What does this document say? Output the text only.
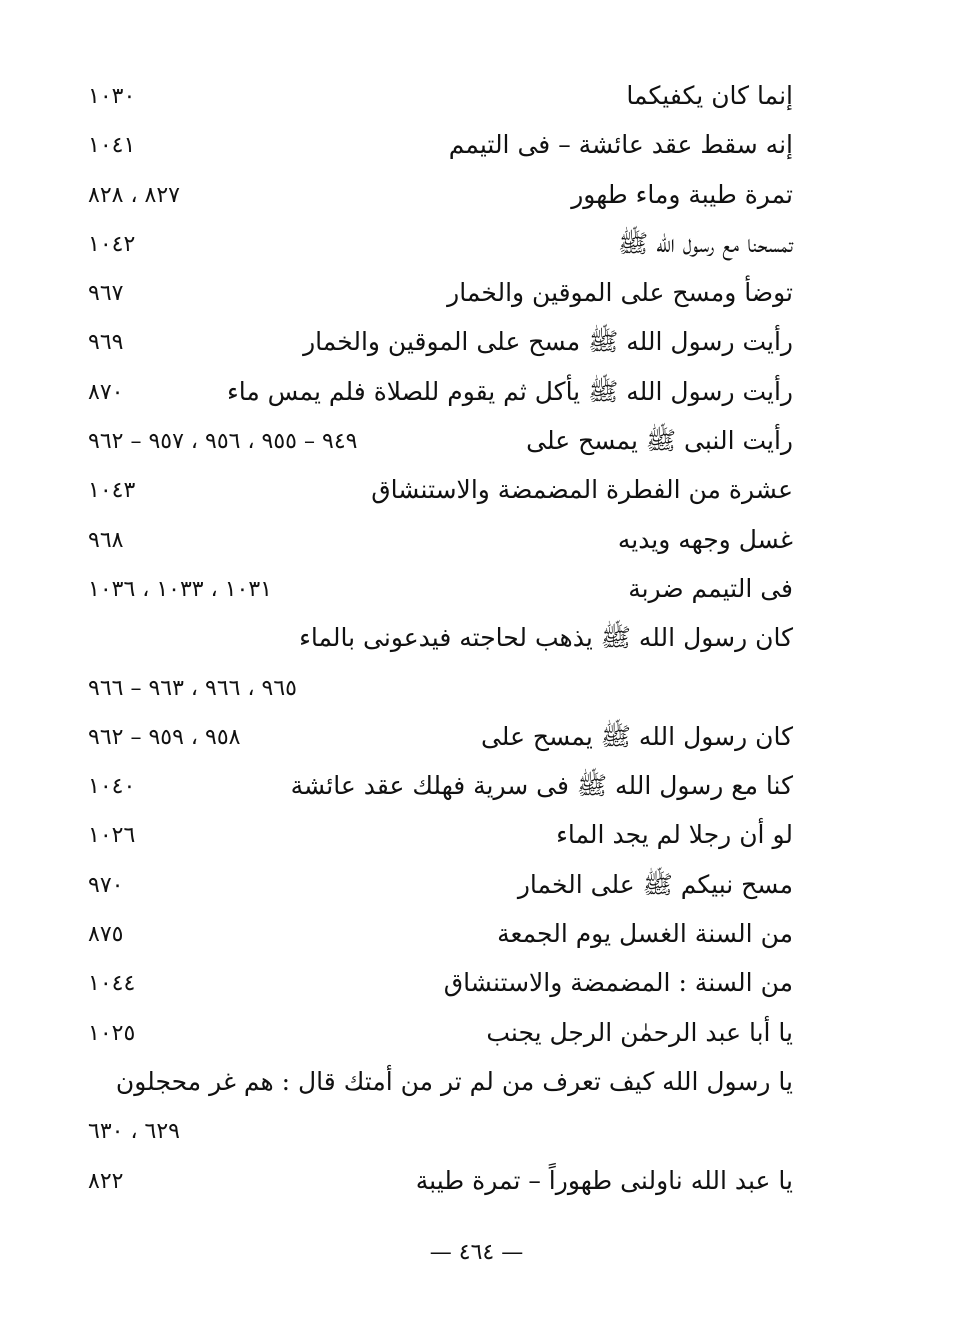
إنما كان يكفيكما
١٠٣٠
إنه سقط عقد عائشة – فى التيمم
١٠٤١
تمرة طيبة وماء طهور
٨٢٧ ، ٨٢٨
تمسحنا مع رسول الله ﷺ
١٠٤٢
توضأ ومسح على الموقين والخمار
٩٦٧
رأيت رسول الله ﷺ مسح على الموقين والخمار
٩٦٩
رأيت رسول الله ﷺ يأكل ثم يقوم للصلاة فلم يمس ماء
٨٧٠
رأيت النبى ﷺ يمسح على
٩٤٩ – ٩٥٥ ، ٩٥٦ ، ٩٥٧ – ٩٦٢
عشرة من الفطرة المضمضة والاستنشاق
١٠٤٣
غسل وجهه ويديه
٩٦٨
فى التيمم ضربة
١٠٣١ ، ١٠٣٣ ، ١٠٣٦
كان رسول الله ﷺ يذهب لحاجته فيدعونى بالماء
٩٦٥ ، ٩٦٦ ، ٩٦٣ – ٩٦٦
كان رسول الله ﷺ يمسح على
٩٥٨ ، ٩٥٩ – ٩٦٢
كنا مع رسول الله ﷺ فى سرية فهلك عقد عائشة
١٠٤٠
لو أن رجلا لم يجد الماء
١٠٢٦
مسح نبيكم ﷺ على الخمار
٩٧٠
من السنة الغسل يوم الجمعة
٨٧٥
من السنة : المضمضة والاستنشاق
١٠٤٤
يا أبا عبد الرحمٰن الرجل يجنب
١٠٢٥
يا رسول الله كيف تعرف من لم تر من أمتك قال : هم غر محجلون
٦٢٩ ، ٦٣٠
يا عبد الله ناولنى طهوراً – تمرة طيبة
٨٢٢
— ٤٦٤ —
